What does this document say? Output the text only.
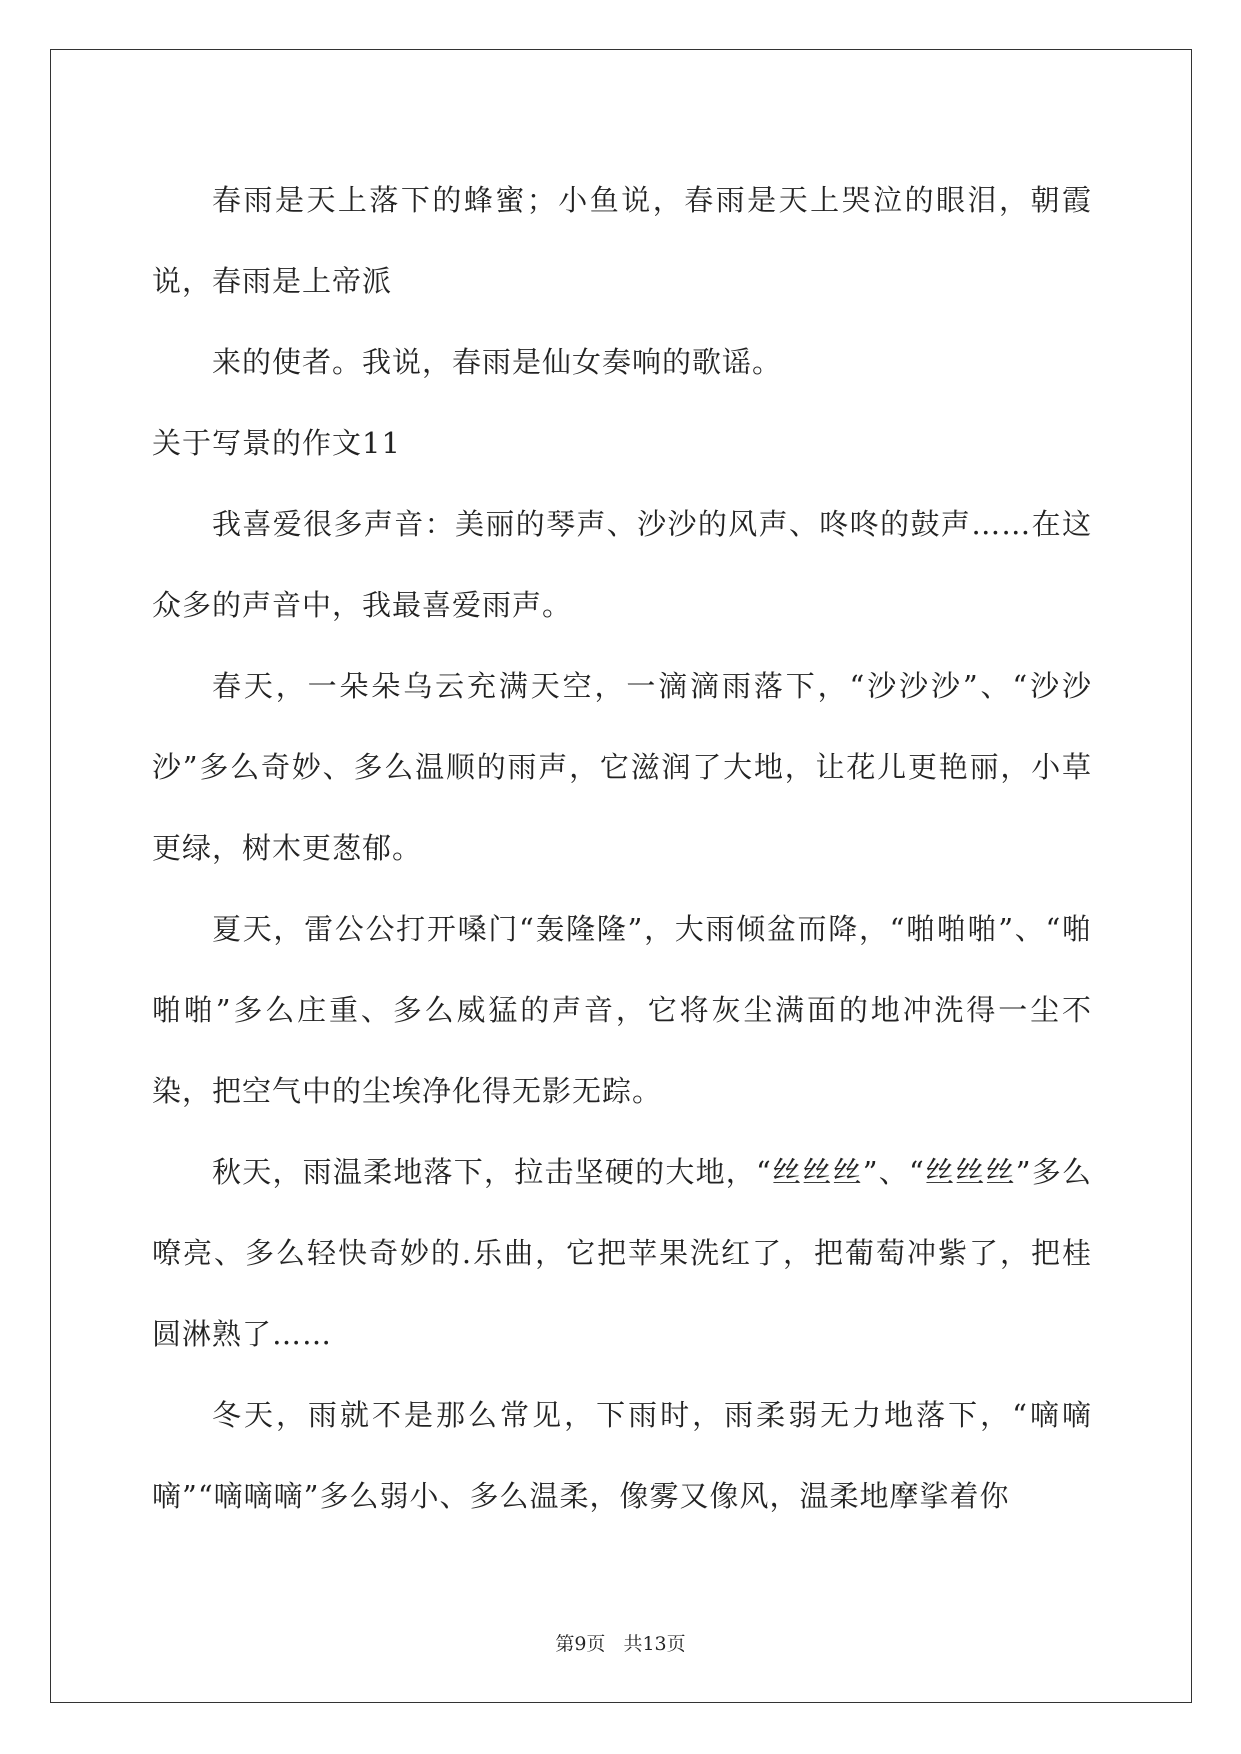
春雨是天上落下的蜂蜜；小鱼说，春雨是天上哭泣的眼泪，朝霞说，春雨是上帝派

来的使者。我说，春雨是仙女奏响的歌谣。

关于写景的作文11

我喜爱很多声音：美丽的琴声、沙沙的风声、咚咚的鼓声……在这众多的声音中，我最喜爱雨声。

春天，一朵朵乌云充满天空，一滴滴雨落下，“沙沙沙”、“沙沙沙”多么奇妙、多么温顺的雨声，它滋润了大地，让花儿更艳丽，小草更绿，树木更葱郁。

夏天，雷公公打开嗓门“轰隆隆”，大雨倾盆而降，“啪啪啪”、“啪啪啪”多么庄重、多么威猛的声音，它将灰尘满面的地冲洗得一尘不染，把空气中的尘埃净化得无影无踪。

秋天，雨温柔地落下，拉击坚硬的大地，“丝丝丝”、“丝丝丝”多么嘹亮、多么轻快奇妙的.乐曲，它把苹果洗红了，把葡萄冲紫了，把桂圆淋熟了……

冬天，雨就不是那么常见，下雨时，雨柔弱无力地落下，“嘀嘀嘀”“嘀嘀嘀”多么弱小、多么温柔，像雾又像风，温柔地摩挲着你

第9页 共13页
